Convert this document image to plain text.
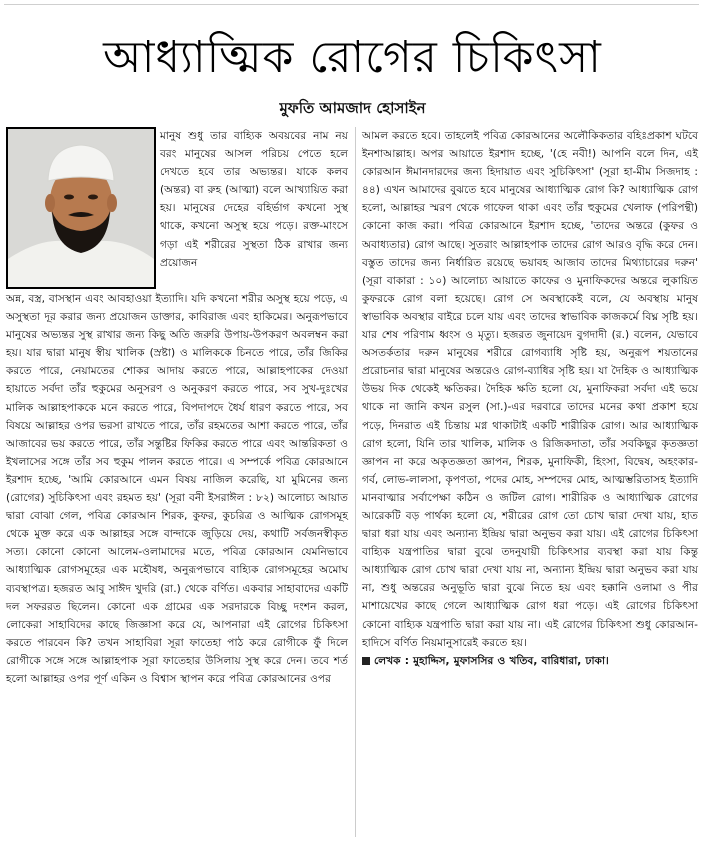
আধ্যাত্মিক রোগের চিকিৎসা
মুফতি আমজাদ হোসাইন
মানুষ শুধু তার বাহ্যিক অবয়বের নাম নয় বরং মানুষের আসল পরিচয় পেতে হলে দেখতে হবে তার অভ্যন্তর। যাকে কলব (অন্তর) বা রুহ (আত্মা) বলে আখ্যায়িত করা হয়। মানুষের দেহের বহির্ভাগ কখনো সুস্থ থাকে, কখনো অসুস্থ হয়ে পড়ে। রক্ত-মাংসে গড়া এই শরীরের সুস্থতা ঠিক রাখার জন্য প্রয়োজন
অন্ন, বস্ত্র, বাসস্থান এবং আবহাওয়া ইত্যাদি। যদি কখনো শরীর অসুস্থ হয়ে পড়ে, এ অসুস্থতা দূর করার জন্য প্রয়োজন ডাক্তার, কাবিরাজ এবং হাকিমের। অনুরূপভাবে মানুষের অভ্যন্তর সুস্থ রাখার জন্য কিছু অতি জরুরি উপায়-উপকরণ অবলম্বন করা হয়। যার দ্বারা মানুষ স্বীয় খালিক (স্রষ্টা) ও মালিককে চিনতে পারে, তাঁর জিকির করতে পারে, নেয়ামতের শোকর আদায় করতে পারে, আল্লাহপাকের দেওয়া হায়াতে সর্বদা তাঁর হুকুমের অনুসরণ ও অনুকরণ করতে পারে, সব সুখ-দুঃখের মালিক আল্লাহপাককে মনে করতে পারে, বিপদাপদে ধৈর্য ধারণ করতে পারে, সব বিষয়ে আল্লাহর ওপর ভরসা রাখতে পারে, তাঁর রহমতের আশা করতে পারে, তাঁর আজাবের ভয় করতে পারে, তাঁর সন্তুষ্টির ফিকির করতে পারে এবং আন্তরিকতা ও ইখলাসের সঙ্গে তাঁর সব হুকুম পালন করতে পারে। এ সম্পর্কে পবিত্র কোরআনে ইরশাদ হচ্ছে, 'আমি কোরআনে এমন বিষয় নাজিল করেছি, যা মুমিনের জন্য (রোগের) সুচিকিৎসা এবং রহমত হয়' (সূরা বনী ইসরাঈল : ৮২) আলোচ্য আয়াত দ্বারা বোঝা গেল, পবিত্র কোরআন শিরক, কুফর, কুচরিত্র ও আত্মিক রোগসমূহ থেকে মুক্ত করে এক আল্লাহর সঙ্গে বান্দাকে জুড়িয়ে দেয়, কথাটি সর্বজনস্বীকৃত সত্য। কোনো কোনো আলেম-ওলামাদের মতে, পবিত্র কোরআন যেমনিভাবে আধ্যাত্মিক রোগসমূহের এক মহৌষধ, অনুরূপভাবে বাহ্যিক রোগসমূহের অমোঘ ব্যবস্থাপত্র। হজরত আবু সাঈদ খুদরি (রা.) থেকে বর্ণিত। একবার সাহাবাদের একটি দল সফররত ছিলেন। কোনো এক গ্রামের এক সরদারকে বিচ্ছু দংশন করল, লোকেরা সাহাবিদের কাছে জিজ্ঞাসা করে যে, আপনারা এই রোগের চিকিৎসা করতে পারবেন কি? তখন সাহাবিরা সূরা ফাতেহা পাঠ করে রোগীকে ফুঁ দিলে রোগীকে সঙ্গে সঙ্গে আল্লাহপাক সূরা ফাতেহার উসিলায় সুস্থ করে দেন। তবে শর্ত হলো আল্লাহর ওপর পূর্ণ একিন ও বিশ্বাস স্থাপন করে পবিত্র কোরআনের ওপর

আমল করতে হবে। তাহলেই পবিত্র কোরআনের অলৌকিকতার বহিঃপ্রকাশ ঘটবে ইনশাআল্লাহ। অপর আয়াতে ইরশাদ হচ্ছে, '(হে নবী!) আপনি বলে দিন, এই কোরআন ঈমানদারদের জন্য হিদায়াত এবং সুচিকিৎসা' (সূরা হা-মীম সিজদাহ : ৪৪) এখন আমাদের বুঝতে হবে মানুষের আধ্যাত্মিক রোগ কি? আধ্যাত্মিক রোগ হলো, আল্লাহর স্মরণ থেকে গাফেল থাকা এবং তাঁর হুকুমের খেলাফ (পরিপন্থী) কোনো কাজ করা। পবিত্র কোরআনে ইরশাদ হচ্ছে, 'তাদের অন্তরে (কুফর ও অবাধ্যতার) রোগ আছে। সুতরাং আল্লাহপাক তাদের রোগ আরও বৃদ্ধি করে দেন। বস্তুত তাদের জন্য নির্ধারিত রয়েছে ভয়াবহ আজাব তাদের মিথ্যাচারের দরুন' (সূরা বাকারা : ১০) আলোচ্য আয়াতে কাফের ও মুনাফিকদের অন্তরে লুকায়িত কুফরকে রোগ বলা হয়েছে। রোগ সে অবস্থাকেই বলে, যে অবস্থায় মানুষ স্বাভাবিক অবস্থার বাইরে চলে যায় এবং তাদের স্বাভাবিক কাজকর্মে বিঘ্ন সৃষ্টি হয়। যার শেষ পরিণাম ধ্বংস ও মৃত্যু। হজরত জুনায়েদ বুগদাদী (র.) বলেন, যেভাবে অসতর্কতার দরুন মানুষের শরীরে রোগব্যাধি সৃষ্টি হয়, অনুরূপ শয়তানের প্ররোচনার দ্বারা মানুষের অন্তরেও রোগ-ব্যাধির সৃষ্টি হয়। যা দৈহিক ও আধ্যাত্মিক উভয় দিক থেকেই ক্ষতিকর। দৈহিক ক্ষতি হলো যে, মুনাফিকরা সর্বদা এই ভয়ে থাকে না জানি কখন রসুল (সা.)-এর দরবারে তাদের মনের কথা প্রকাশ হয়ে পড়ে, দিনরাত এই চিন্তায় মগ্ন থাকাটাই একটি শারীরিক রোগ। আর আধ্যাত্মিক রোগ হলো, যিনি তার খালিক, মালিক ও রিজিকদাতা, তাঁর সবকিছুর কৃতজ্ঞতা জ্ঞাপন না করে অকৃতজ্ঞতা জ্ঞাপন, শিরক, মুনাফিকী, হিংসা, বিদ্বেষ, অহংকার-গর্ব, লোভ-লালসা, কৃপণতা, পদের মোহ, সম্পদের মোহ, আত্মম্ভরিতাসহ ইত্যাদি মানবাত্মার সর্বাপেক্ষা কঠিন ও জটিল রোগ। শারীরিক ও আধ্যাত্মিক রোগের আরেকটি বড় পার্থক্য হলো যে, শরীরের রোগ তো চোখ দ্বারা দেখা যায়, হাত দ্বারা ধরা যায় এবং অন্যান্য ইন্দ্রিয় দ্বারা অনুভব করা যায়। এই রোগের চিকিৎসা বাহ্যিক যন্ত্রপাতির দ্বারা বুঝে তদনুযায়ী চিকিৎসার ব্যবস্থা করা যায় কিন্তু আধ্যাত্মিক রোগ চোখ দ্বারা দেখা যায় না, অন্যান্য ইন্দ্রিয় দ্বারা অনুভব করা যায় না, শুধু অন্তরের অনুভূতি দ্বারা বুঝে নিতে হয় এবং হক্কানি ওলামা ও পীর মাশায়েখের কাছে গেলে আধ্যাত্মিক রোগ ধরা পড়ে। এই রোগের চিকিৎসা কোনো বাহ্যিক যন্ত্রপাতি দ্বারা করা যায় না। এই রোগের চিকিৎসা শুধু কোরআন-হাদিসে বর্ণিত নিয়মানুসারেই করতে হয়।

লেখক : মুহাদ্দিস, মুফাসসির ও খতিব, বারিধারা, ঢাকা।
